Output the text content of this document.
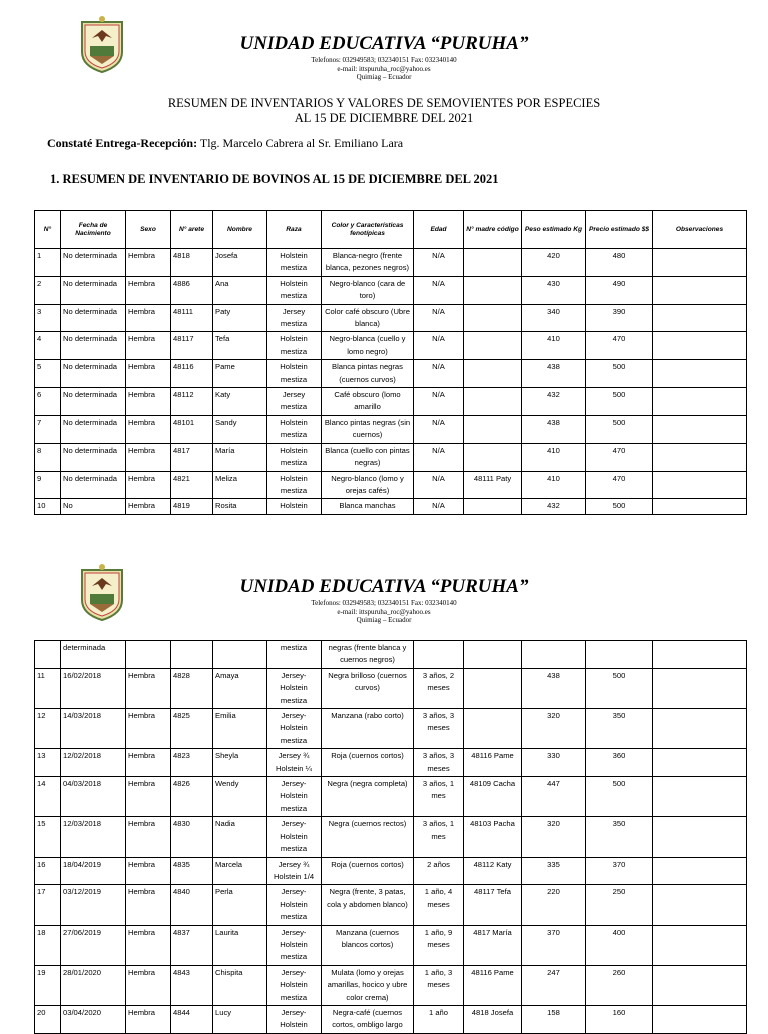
UNIDAD EDUCATIVA “PURUHA”
Telefonos: 032949583; 032340151 Fax: 032340140
e-mail: ittspuruha_roc@yahoo.es
Quimiag – Ecuador
RESUMEN DE INVENTARIOS Y VALORES DE SEMOVIENTES POR ESPECIES
AL 15 DE DICIEMBRE DEL 2021
Constaté Entrega-Recepción: Tlg. Marcelo Cabrera al Sr. Emiliano Lara
1. RESUMEN DE INVENTARIO DE BOVINOS AL 15 DE DICIEMBRE DEL 2021
N°	Fecha de Nacimiento	Sexo	N° arete	Nombre	Raza	Color y Características fenotípicas	Edad	N° madre código	Peso estimado Kg	Precio estimado $$	Observaciones
1	No determinada	Hembra	4818	Josefa	Holstein mestiza	Blanca-negro (frente blanca, pezones negros)	N/A		420	480	
2	No determinada	Hembra	4886	Ana	Holstein mestiza	Negro-blanco (cara de toro)	N/A		430	490	
3	No determinada	Hembra	48111	Paty	Jersey mestiza	Color café obscuro (Ubre blanca)	N/A		340	390	
4	No determinada	Hembra	48117	Tefa	Holstein mestiza	Negro-blanca (cuello y lomo negro)	N/A		410	470	
5	No determinada	Hembra	48116	Pame	Holstein mestiza	Blanca pintas negras (cuernos curvos)	N/A		438	500	
6	No determinada	Hembra	48112	Katy	Jersey mestiza	Café obscuro (lomo amarillo	N/A		432	500	
7	No determinada	Hembra	48101	Sandy	Holstein mestiza	Blanco pintas negras (sin cuernos)	N/A		438	500	
8	No determinada	Hembra	4817	María	Holstein mestiza	Blanca (cuello con pintas negras)	N/A		410	470	
9	No determinada	Hembra	4821	Meliza	Holstein mestiza	Negro-blanco (lomo y orejas cafés)	N/A	48111 Paty	410	470	
10	No	Hembra	4819	Rosita	Holstein	Blanca manchas	N/A		432	500	
UNIDAD EDUCATIVA “PURUHA”
Telefonos: 032949583; 032340151 Fax: 032340140
e-mail: ittspuruha_roc@yahoo.es
Quimiag – Ecuador
	determinada				mestiza	negras (frente blanca y cuernos negros)					
11	16/02/2018	Hembra	4828	Amaya	Jersey-Holstein mestiza	Negra brilloso (cuernos curvos)	3 años, 2 meses		438	500	
12	14/03/2018	Hembra	4825	Emilia	Jersey-Holstein mestiza	Manzana (rabo corto)	3 años, 3 meses		320	350	
13	12/02/2018	Hembra	4823	Sheyla	Jersey ¾ Holstein ¼	Roja (cuernos cortos)	3 años, 3 meses	48116 Pame	330	360	
14	04/03/2018	Hembra	4826	Wendy	Jersey-Holstein mestiza	Negra (negra completa)	3 años, 1 mes	48109 Cacha	447	500	
15	12/03/2018	Hembra	4830	Nadia	Jersey-Holstein mestiza	Negra (cuernos rectos)	3 años, 1 mes	48103 Pacha	320	350	
16	18/04/2019	Hembra	4835	Marcela	Jersey ¾ Holstein 1/4	Roja (cuernos cortos)	2 años	48112 Katy	335	370	
17	03/12/2019	Hembra	4840	Perla	Jersey-Holstein mestiza	Negra (frente, 3 patas, cola y abdomen blanco)	1 año, 4 meses	48117 Tefa	220	250	
18	27/06/2019	Hembra	4837	Laurita	Jersey-Holstein mestiza	Manzana (cuernos blancos cortos)	1 año, 9 meses	4817 María	370	400	
19	28/01/2020	Hembra	4843	Chispita	Jersey-Holstein mestiza	Mulata (lomo y orejas amarillas, hocico y ubre color crema)	1 año, 3 meses	48116 Pame	247	260	
20	03/04/2020	Hembra	4844	Lucy	Jersey-Holstein	Negra-café (cuernos cortos, ombligo largo	1 año	4818 Josefa	158	160	
